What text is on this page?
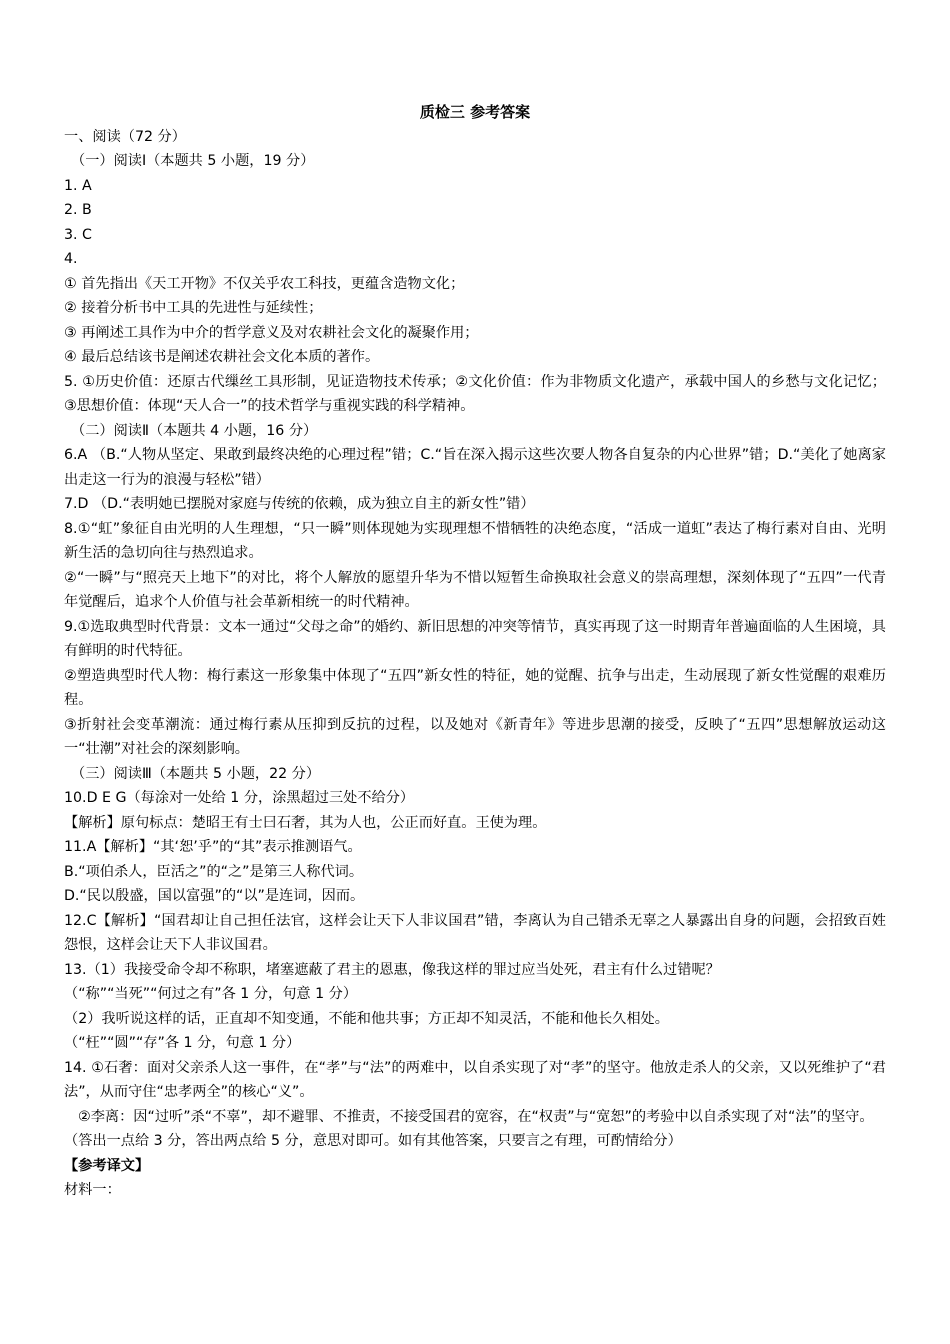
质检三 参考答案
一、阅读（72 分）
（一）阅读Ⅰ（本题共 5 小题，19 分）
1. A
2. B
3. C
4.
① 首先指出《天工开物》不仅关乎农工科技，更蕴含造物文化；
② 接着分析书中工具的先进性与延续性；
③ 再阐述工具作为中介的哲学意义及对农耕社会文化的凝聚作用；
④ 最后总结该书是阐述农耕社会文化本质的著作。
5. ①历史价值：还原古代缫丝工具形制，见证造物技术传承；②文化价值：作为非物质文化遗产，承载中国人的乡愁与文化记忆；③思想价值：体现“天人合一”的技术哲学与重视实践的科学精神。
（二）阅读Ⅱ（本题共 4 小题，16 分）
6.A （B.“人物从坚定、果敢到最终决绝的心理过程”错；C.“旨在深入揭示这些次要人物各自复杂的内心世界”错；D.“美化了她离家出走这一行为的浪漫与轻松”错）
7.D （D.“表明她已摆脱对家庭与传统的依赖，成为独立自主的新女性”错）
8.①“虹”象征自由光明的人生理想，“只一瞬”则体现她为实现理想不惜牺牲的决绝态度，“活成一道虹”表达了梅行素对自由、光明新生活的急切向往与热烈追求。
②“一瞬”与“照亮天上地下”的对比，将个人解放的愿望升华为不惜以短暂生命换取社会意义的崇高理想，深刻体现了“五四”一代青年觉醒后，追求个人价值与社会革新相统一的时代精神。
9.①选取典型时代背景：文本一通过“父母之命”的婚约、新旧思想的冲突等情节，真实再现了这一时期青年普遍面临的人生困境，具有鲜明的时代特征。
②塑造典型时代人物：梅行素这一形象集中体现了“五四”新女性的特征，她的觉醒、抗争与出走，生动展现了新女性觉醒的艰难历程。
③折射社会变革潮流：通过梅行素从压抑到反抗的过程，以及她对《新青年》等进步思潮的接受，反映了“五四”思想解放运动这一“壮潮”对社会的深刻影响。
（三）阅读Ⅲ（本题共 5 小题，22 分）
10.D E G（每涂对一处给 1 分，涂黑超过三处不给分）
【解析】原句标点：楚昭王有士曰石奢，其为人也，公正而好直。王使为理。
11.A【解析】“其‘恕’乎”的“其”表示推测语气。
B.“项伯杀人，臣活之”的“之”是第三人称代词。
D.“民以殷盛，国以富强”的“以”是连词，因而。
12.C【解析】“国君却让自己担任法官，这样会让天下人非议国君”错，李离认为自己错杀无辜之人暴露出自身的问题，会招致百姓怨恨，这样会让天下人非议国君。
13.（1）我接受命令却不称职，堵塞遮蔽了君主的恩惠，像我这样的罪过应当处死，君主有什么过错呢？
（“称”“当死”“何过之有”各 1 分，句意 1 分）
（2）我听说这样的话，正直却不知变通，不能和他共事；方正却不知灵活，不能和他长久相处。
（“枉”“圆”“存”各 1 分，句意 1 分）
14. ①石奢：面对父亲杀人这一事件，在“孝”与“法”的两难中，以自杀实现了对“孝”的坚守。他放走杀人的父亲，又以死维护了“君法”，从而守住“忠孝两全”的核心“义”。
②李离：因“过听”杀“不辜”，却不避罪、不推责，不接受国君的宽容，在“权责”与“宽恕”的考验中以自杀实现了对“法”的坚守。
（答出一点给 3 分，答出两点给 5 分，意思对即可。如有其他答案，只要言之有理，可酌情给分）
【参考译文】
材料一：
